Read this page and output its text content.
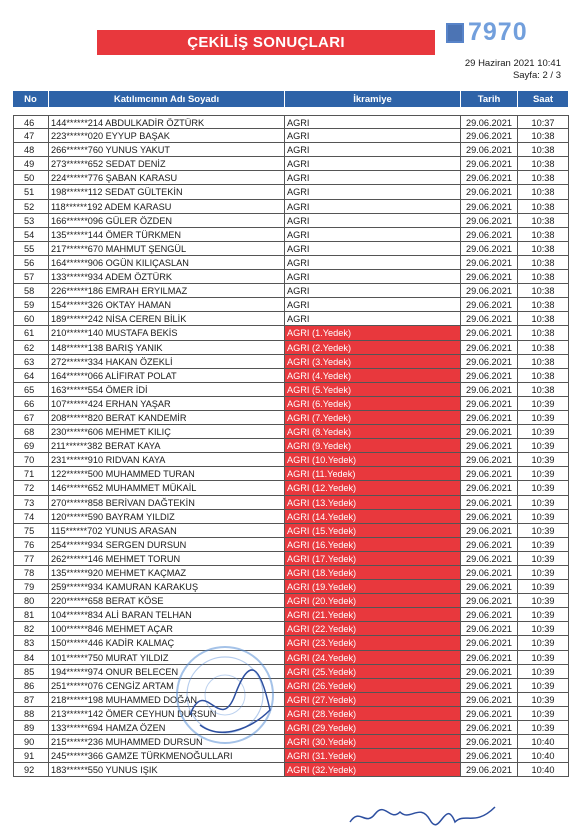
ÇEKİLİŞ SONUÇLARI	7970
29 Haziran 2021 10:41
Sayfa: 2 / 3
No	Katılımcının Adı Soyadı	İkramiye	Tarih	Saat
46	144******214 ABDULKADİR ÖZTÜRK	AGRI	29.06.2021	10:37
47	223******020 EYYUP BAŞAK	AGRI	29.06.2021	10:38
48	266******760 YUNUS YAKUT	AGRI	29.06.2021	10:38
49	273******652 SEDAT DENİZ	AGRI	29.06.2021	10:38
50	224******776 ŞABAN KARASU	AGRI	29.06.2021	10:38
51	198******112 SEDAT GÜLTEKİN	AGRI	29.06.2021	10:38
52	118******192 ADEM KARASU	AGRI	29.06.2021	10:38
53	166******096 GÜLER ÖZDEN	AGRI	29.06.2021	10:38
54	135******144 ÖMER TÜRKMEN	AGRI	29.06.2021	10:38
55	217******670 MAHMUT ŞENGÜL	AGRI	29.06.2021	10:38
56	164******906 OGÜN KILIÇASLAN	AGRI	29.06.2021	10:38
57	133******934 ADEM ÖZTÜRK	AGRI	29.06.2021	10:38
58	226******186 EMRAH ERYILMAZ	AGRI	29.06.2021	10:38
59	154******326 OKTAY HAMAN	AGRI	29.06.2021	10:38
60	189******242 NİSA CEREN BİLİK	AGRI	29.06.2021	10:38
61	210******140 MUSTAFA BEKİS	AGRI (1.Yedek)	29.06.2021	10:38
62	148******138 BARIŞ YANIK	AGRI (2.Yedek)	29.06.2021	10:38
63	272******334 HAKAN ÖZEKLİ	AGRI (3.Yedek)	29.06.2021	10:38
64	164******066 ALİFIRAT POLAT	AGRI (4.Yedek)	29.06.2021	10:38
65	163******554 ÖMER İDİ	AGRI (5.Yedek)	29.06.2021	10:38
66	107******424 ERHAN YAŞAR	AGRI (6.Yedek)	29.06.2021	10:39
67	208******820 BERAT KANDEMİR	AGRI (7.Yedek)	29.06.2021	10:39
68	230******606 MEHMET KILIÇ	AGRI (8.Yedek)	29.06.2021	10:39
69	211******382 BERAT KAYA	AGRI (9.Yedek)	29.06.2021	10:39
70	231******910 RIDVAN KAYA	AGRI (10.Yedek)	29.06.2021	10:39
71	122******500 MUHAMMED TURAN	AGRI (11.Yedek)	29.06.2021	10:39
72	146******652 MUHAMMET MÜKAİL	AGRI (12.Yedek)	29.06.2021	10:39
73	270******858 BERİVAN DAĞTEKİN	AGRI (13.Yedek)	29.06.2021	10:39
74	120******590 BAYRAM YILDIZ	AGRI (14.Yedek)	29.06.2021	10:39
75	115******702 YUNUS ARASAN	AGRI (15.Yedek)	29.06.2021	10:39
76	254******934 SERGEN DURSUN	AGRI (16.Yedek)	29.06.2021	10:39
77	262******146 MEHMET TORUN	AGRI (17.Yedek)	29.06.2021	10:39
78	135******920 MEHMET KAÇMAZ	AGRI (18.Yedek)	29.06.2021	10:39
79	259******934 KAMURAN KARAKUŞ	AGRI (19.Yedek)	29.06.2021	10:39
80	220******658 BERAT KÖSE	AGRI (20.Yedek)	29.06.2021	10:39
81	104******834 ALİ BARAN TELHAN	AGRI (21.Yedek)	29.06.2021	10:39
82	100******846 MEHMET AÇAR	AGRI (22.Yedek)	29.06.2021	10:39
83	150******446 KADİR KALMAÇ	AGRI (23.Yedek)	29.06.2021	10:39
84	101******750 MURAT YILDIZ	AGRI (24.Yedek)	29.06.2021	10:39
85	194******974 ONUR BELECEN	AGRI (25.Yedek)	29.06.2021	10:39
86	251******076 CENGİZ ARTAM	AGRI (26.Yedek)	29.06.2021	10:39
87	218******198 MUHAMMED DOĞAN	AGRI (27.Yedek)	29.06.2021	10:39
88	213******142 ÖMER CEYHUN DURSUN	AGRI (28.Yedek)	29.06.2021	10:39
89	133******694 HAMZA ÖZEN	AGRI (29.Yedek)	29.06.2021	10:39
90	215******236 MUHAMMED DURSUN	AGRI (30.Yedek)	29.06.2021	10:40
91	245******366 GAMZE TÜRKMENOĞULLARI	AGRI (31.Yedek)	29.06.2021	10:40
92	183******550 YUNUS IŞIK	AGRI (32.Yedek)	29.06.2021	10:40
